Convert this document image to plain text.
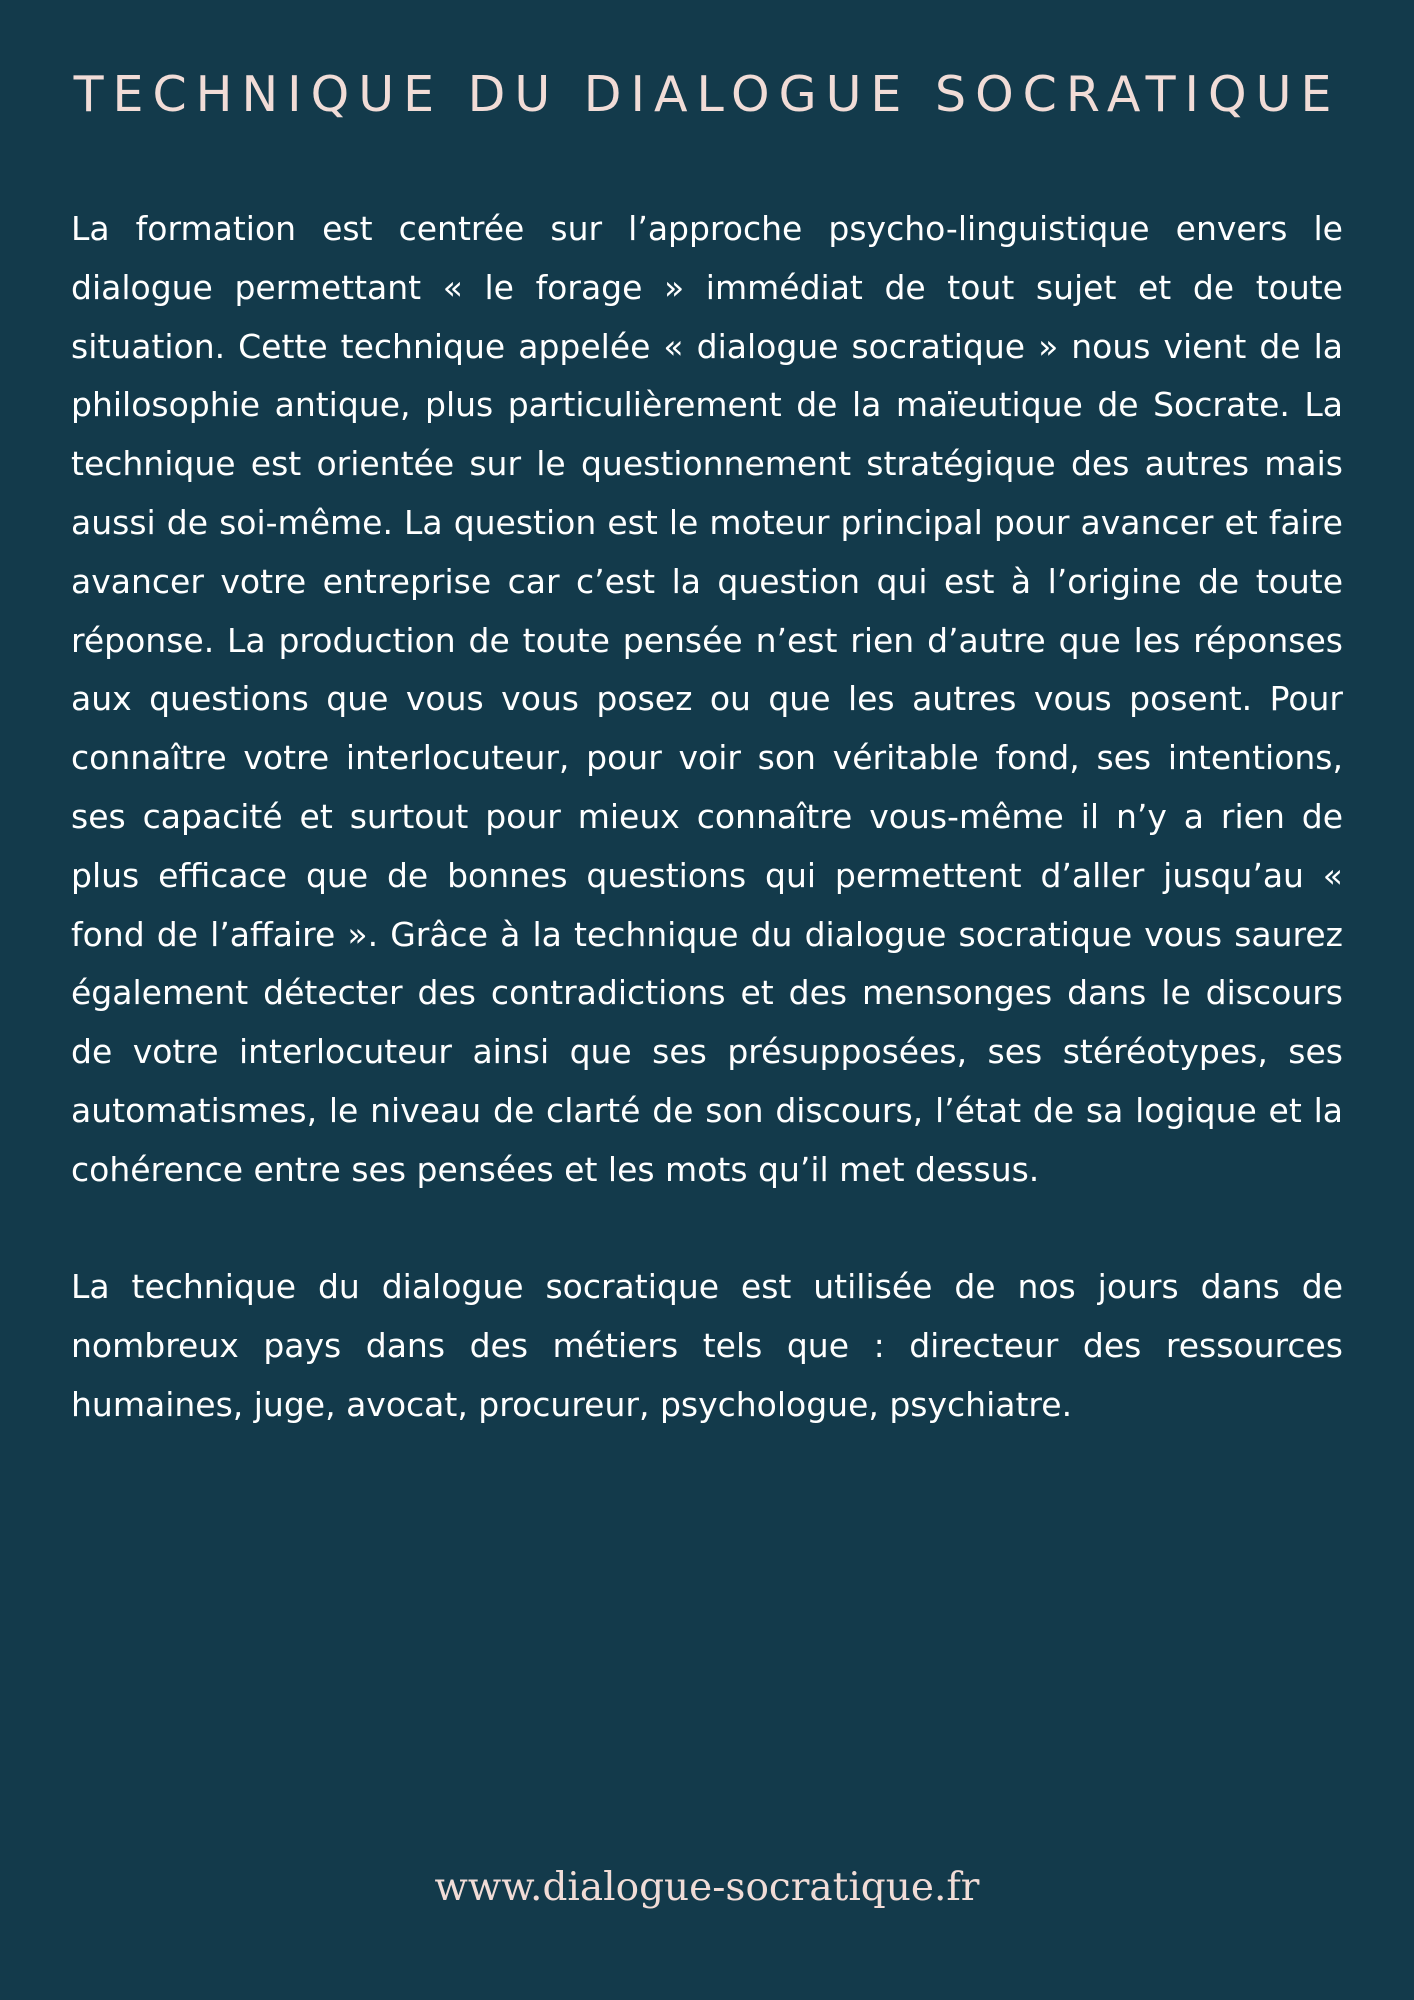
TECHNIQUE DU DIALOGUE SOCRATIQUE

La formation est centrée sur l’approche psycho-linguistique envers le dialogue permettant « le forage » immédiat de tout sujet et de toute situation. Cette technique appelée « dialogue socratique » nous vient de la philosophie antique, plus particulièrement de la maïeutique de Socrate. La technique est orientée sur le questionnement stratégique des autres mais aussi de soi-même. La question est le moteur principal pour avancer et faire avancer votre entreprise car c’est la question qui est à l’origine de toute réponse. La production de toute pensée n’est rien d’autre que les réponses aux questions que vous vous posez ou que les autres vous posent. Pour connaître votre interlocuteur, pour voir son véritable fond, ses intentions, ses capacité et surtout pour mieux connaître vous-même il n’y a rien de plus efficace que de bonnes questions qui permettent d’aller jusqu’au « fond de l’affaire ». Grâce à la technique du dialogue socratique vous saurez également détecter des contradictions et des mensonges dans le discours de votre interlocuteur ainsi que ses présupposées, ses stéréotypes, ses automatismes, le niveau de clarté de son discours, l’état de sa logique et la cohérence entre ses pensées et les mots qu’il met dessus.

La technique du dialogue socratique est utilisée de nos jours dans de nombreux pays dans des métiers tels que : directeur des ressources humaines, juge, avocat, procureur, psychologue, psychiatre.

www.dialogue-socratique.fr
